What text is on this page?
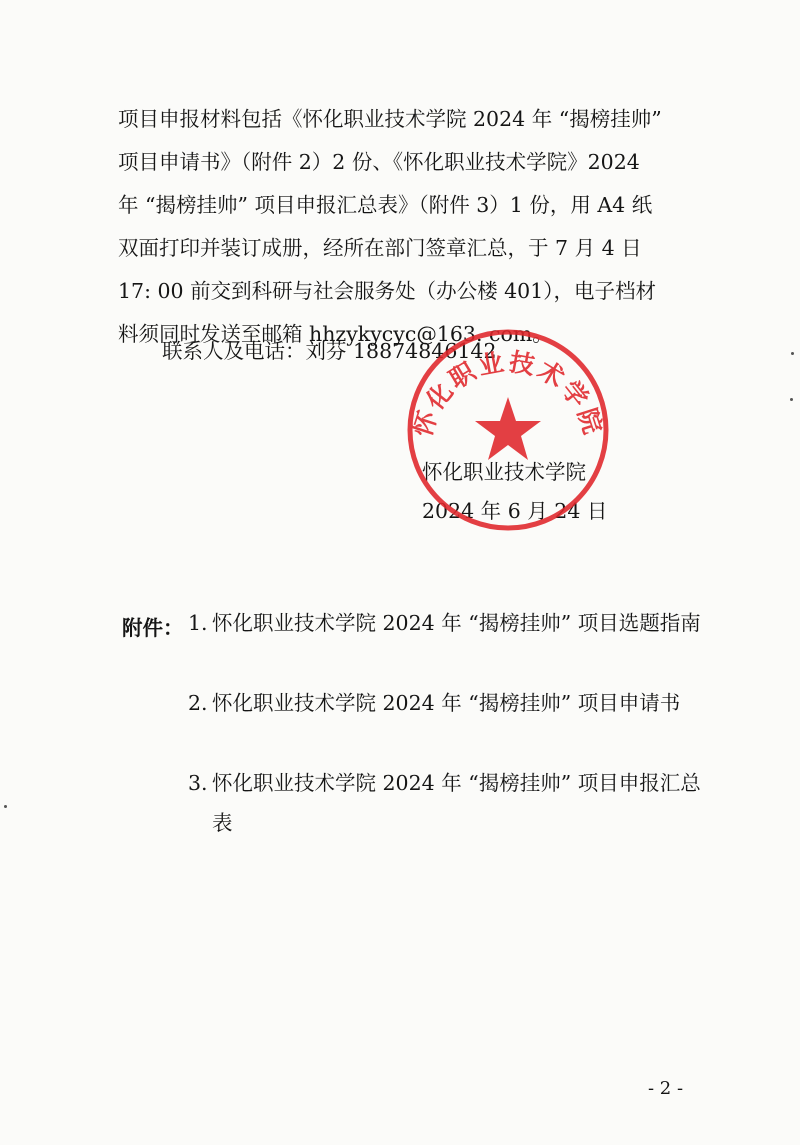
项目申报材料包括《怀化职业技术学院 2024 年 “揭榜挂帅”
项目申请书》（附件 2）2 份、《怀化职业技术学院》2024
年 “揭榜挂帅” 项目申报汇总表》（附件 3）1 份，用 A4 纸
双面打印并装订成册，经所在部门签章汇总，于 7 月 4 日
17: 00 前交到科研与社会服务处（办公楼 401），电子档材
料须同时发送至邮箱 hhzykycyc@163. com。
联系人及电话：刘芬 18874846142
怀化职业技术学院
2024 年 6 月 24 日
怀化职业技术学院
附件： 1. 怀化职业技术学院 2024 年 “揭榜挂帅” 项目选题指南
2. 怀化职业技术学院 2024 年 “揭榜挂帅” 项目申请书
3. 怀化职业技术学院 2024 年 “揭榜挂帅” 项目申报汇总表
- 2 -
